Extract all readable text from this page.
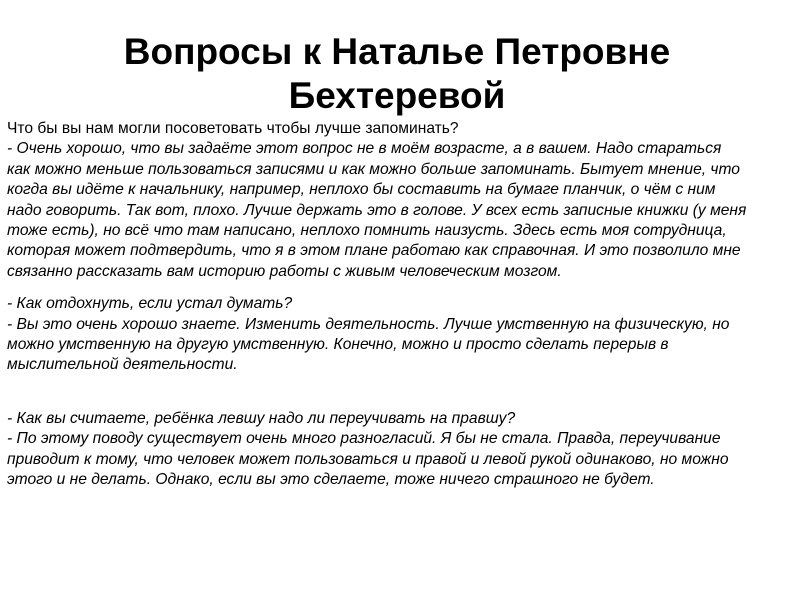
Вопросы к Наталье Петровне
Бехтеревой

Что бы вы нам могли посоветовать чтобы лучше запоминать?
- Очень хорошо, что вы задаёте этот вопрос не в моём возрасте, а в вашем. Надо стараться как можно меньше пользоваться записями и как можно больше запоминать. Бытует мнение, что когда вы идёте к начальнику, например, неплохо бы составить на бумаге планчик, о чём с ним надо говорить. Так вот, плохо. Лучше держать это в голове. У всех есть записные книжки (у меня тоже есть), но всё что там написано, неплохо помнить наизусть. Здесь есть моя сотрудница, которая может подтвердить, что я в этом плане работаю как справочная. И это позволило мне связанно рассказать вам историю работы с живым человеческим мозгом.

- Как отдохнуть, если устал думать?
- Вы это очень хорошо знаете. Изменить деятельность. Лучше умственную на физическую, но можно умственную на другую умственную. Конечно, можно и просто сделать перерыв в мыслительной деятельности.

- Как вы считаете, ребёнка левшу надо ли переучивать на правшу?
- По этому поводу существует очень много разногласий. Я бы не стала. Правда, переучивание приводит к тому, что человек может пользоваться и правой и левой рукой одинаково, но можно этого и не делать. Однако, если вы это сделаете, тоже ничего страшного не будет.
